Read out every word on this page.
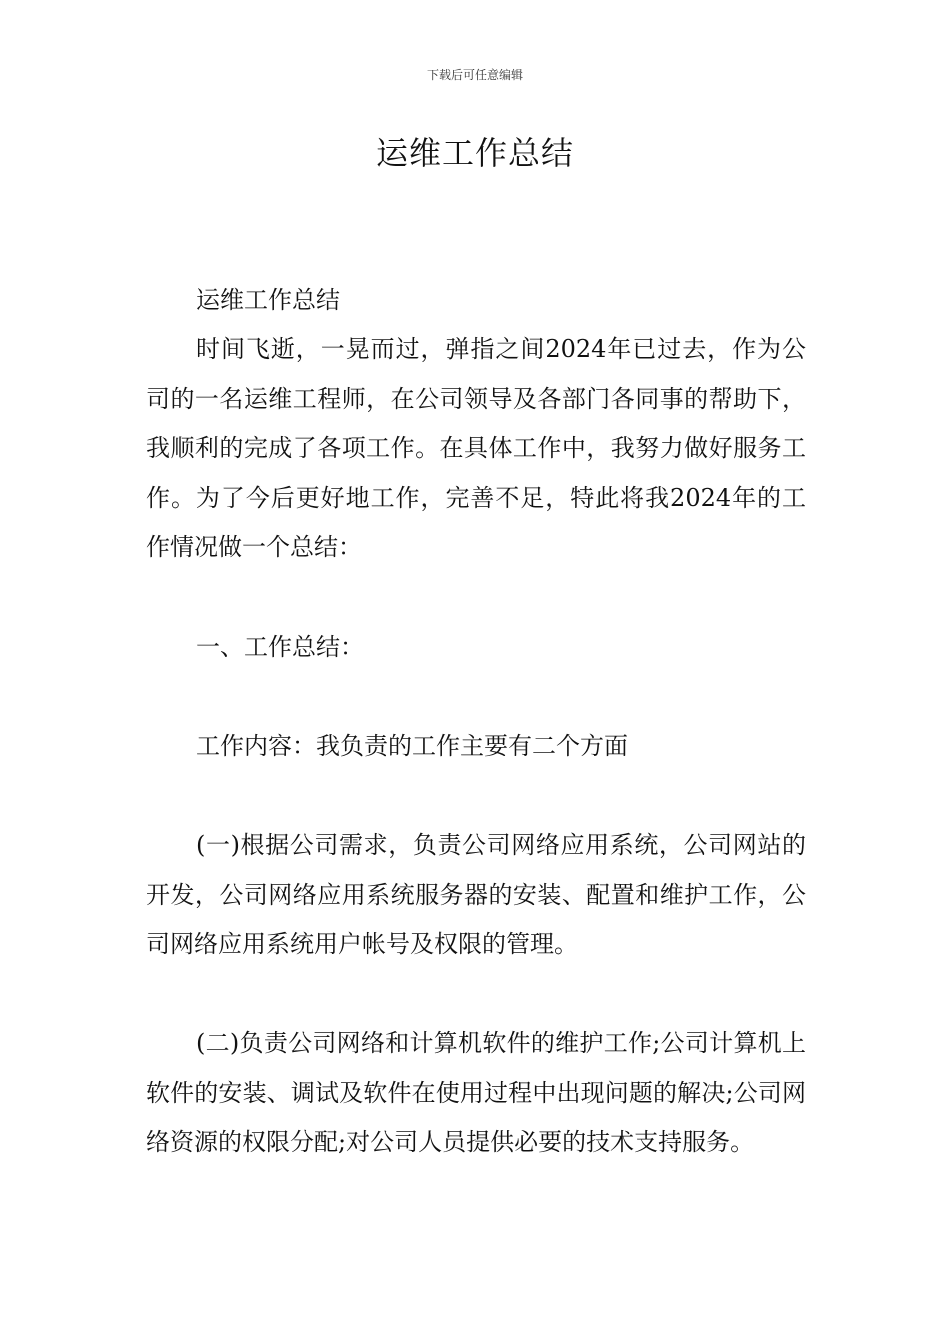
下载后可任意编辑
运维工作总结

运维工作总结

时间飞逝，一晃而过，弹指之间2024年已过去，作为公司的一名运维工程师，在公司领导及各部门各同事的帮助下，我顺利的完成了各项工作。在具体工作中，我努力做好服务工作。为了今后更好地工作，完善不足，特此将我2024年的工作情况做一个总结：

一、工作总结：

工作内容：我负责的工作主要有二个方面

(一)根据公司需求，负责公司网络应用系统，公司网站的开发，公司网络应用系统服务器的安装、配置和维护工作，公司网络应用系统用户帐号及权限的管理。

(二)负责公司网络和计算机软件的维护工作;公司计算机上软件的安装、调试及软件在使用过程中出现问题的解决;公司网络资源的权限分配;对公司人员提供必要的技术支持服务。
